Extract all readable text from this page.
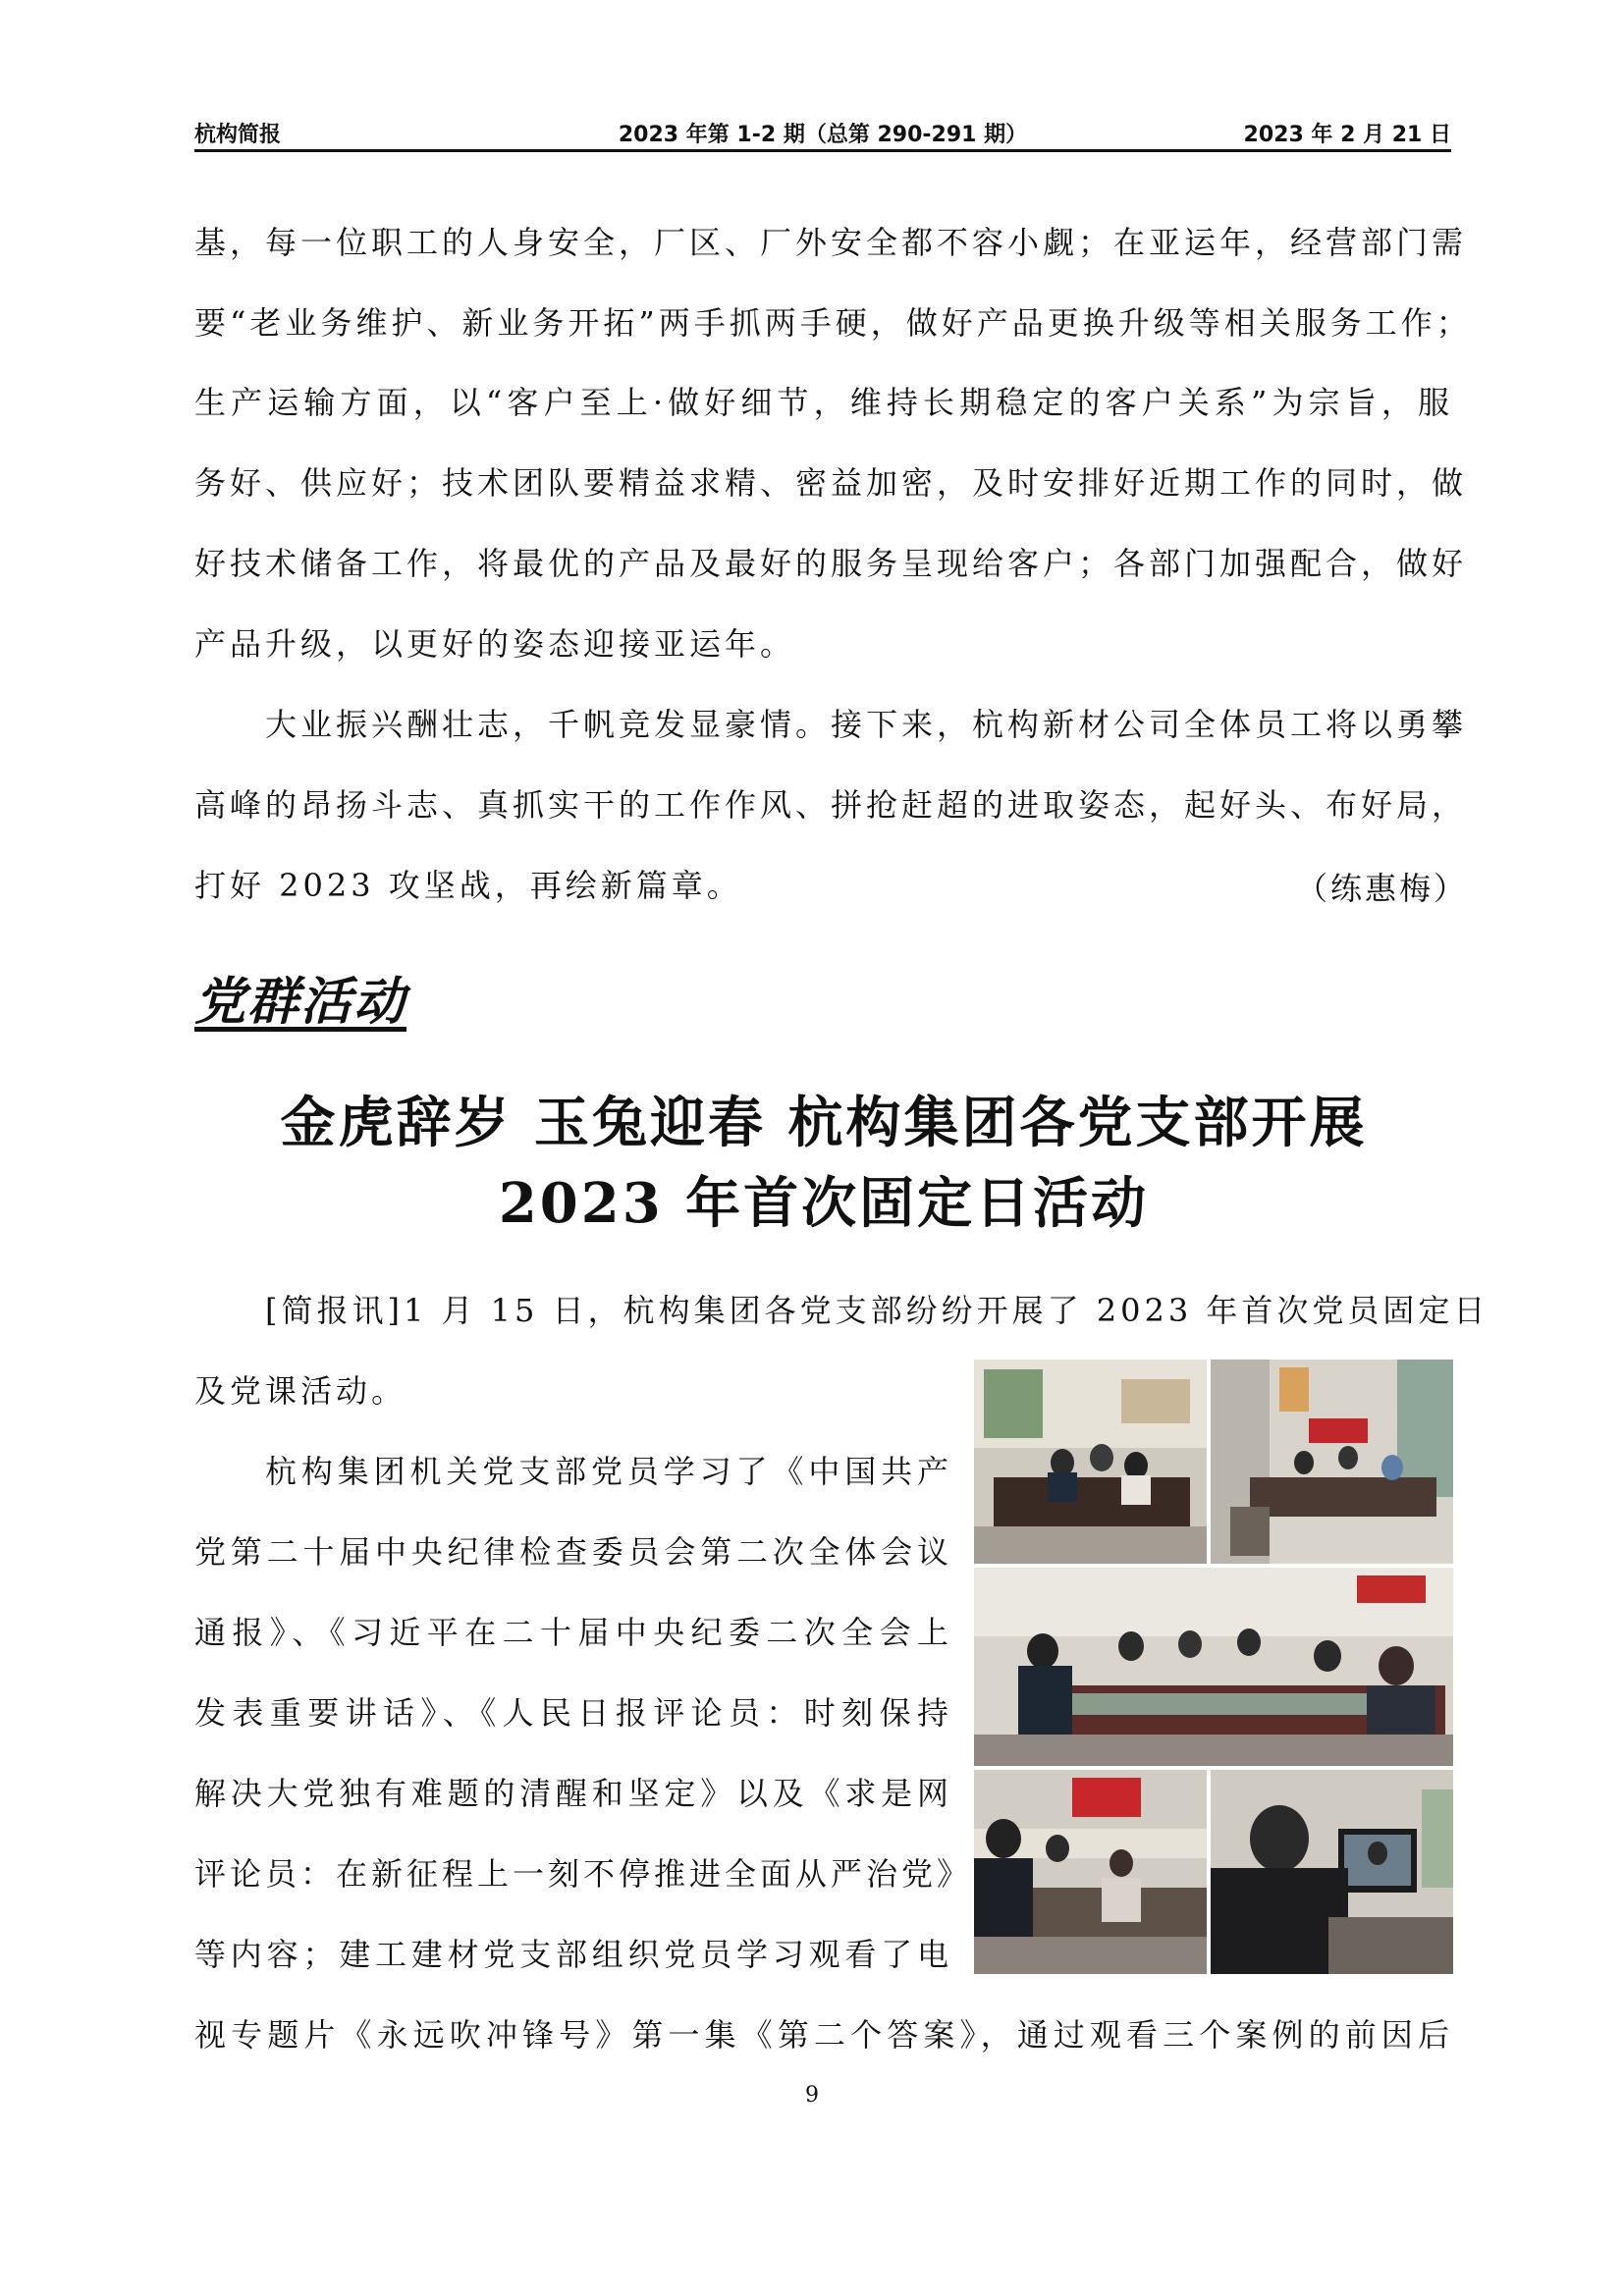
杭构简报	2023 年第 1-2 期（总第 290-291 期）	2023 年 2 月 21 日
基，每一位职工的人身安全，厂区、厂外安全都不容小觑；在亚运年，经营部门需
要“老业务维护、新业务开拓”两手抓两手硬，做好产品更换升级等相关服务工作；
生产运输方面，以“客户至上·做好细节，维持长期稳定的客户关系”为宗旨，服
务好、供应好；技术团队要精益求精、密益加密，及时安排好近期工作的同时，做
好技术储备工作，将最优的产品及最好的服务呈现给客户；各部门加强配合，做好
产品升级，以更好的姿态迎接亚运年。
大业振兴酬壮志，千帆竞发显豪情。接下来，杭构新材公司全体员工将以勇攀
高峰的昂扬斗志、真抓实干的工作作风、拼抢赶超的进取姿态，起好头、布好局，
打好 2023 攻坚战，再绘新篇章。	（练惠梅）
党群活动
金虎辞岁 玉兔迎春 杭构集团各党支部开展
2023 年首次固定日活动
[简报讯]1 月 15 日，杭构集团各党支部纷纷开展了 2023 年首次党员固定日
及党课活动。
杭构集团机关党支部党员学习了《中国共产
党第二十届中央纪律检查委员会第二次全体会议
通报》、《习近平在二十届中央纪委二次全会上
发表重要讲话》、《人民日报评论员：时刻保持
解决大党独有难题的清醒和坚定》以及《求是网
评论员：在新征程上一刻不停推进全面从严治党》
等内容；建工建材党支部组织党员学习观看了电
视专题片《永远吹冲锋号》第一集《第二个答案》，通过观看三个案例的前因后
9
